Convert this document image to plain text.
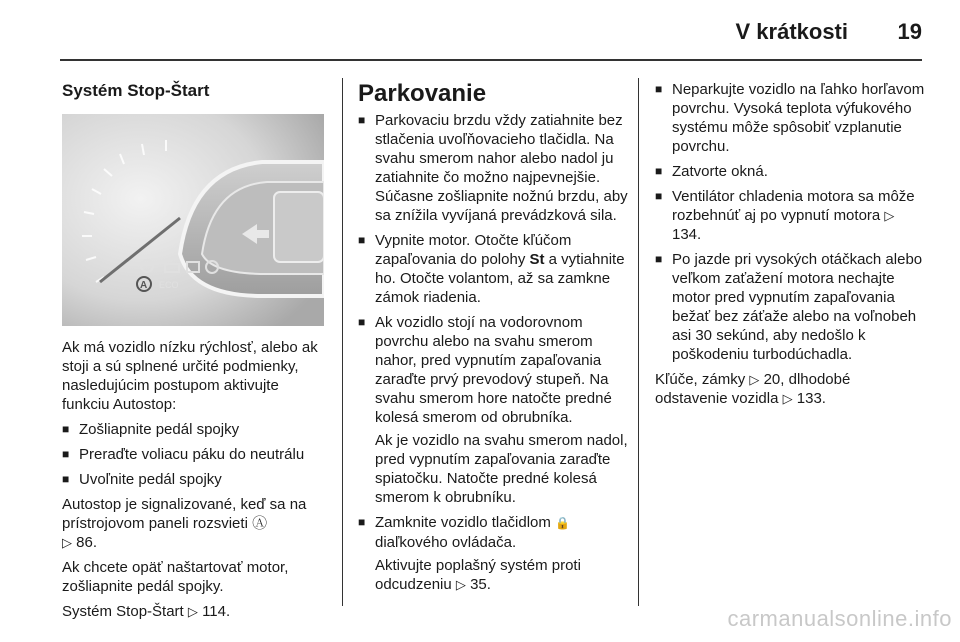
V krátkosti	19
Systém Stop-Štart
A ECO

Ak má vozidlo nízku rýchlosť, alebo ak stoji a sú splnené určité podmienky, nasledujúcim postupom aktivujte funkciu Autostop:

■ Zošliapnite pedál spojky
■ Preraďte voliacu páku do neutrálu
■ Uvoľnite pedál spojky

Autostop je signalizované, keď sa na prístrojovom paneli rozsvieti Ⓐ
▷ 86.

Ak chcete opäť naštartovať motor, zošliapnite pedál spojky.

Systém Stop-Štart ▷ 114.

Parkovanie
■ Parkovaciu brzdu vždy zatiahnite bez stlačenia uvoľňovacieho tlačidla. Na svahu smerom nahor alebo nadol ju zatiahnite čo možno najpevnejšie. Súčasne zošliapnite nožnú brzdu, aby sa znížila vyvíjaná prevádzková sila.
■ Vypnite motor. Otočte kľúčom zapaľovania do polohy St a vytiahnite ho. Otočte volantom, až sa zamkne zámok riadenia.
■ Ak vozidlo stojí na vodorovnom povrchu alebo na svahu smerom nahor, pred vypnutím zapaľovania zaraďte prvý prevodový stupeň. Na svahu smerom hore natočte predné kolesá smerom od obrubníka.

Ak je vozidlo na svahu smerom nadol, pred vypnutím zapaľovania zaraďte spiatočku. Natočte predné kolesá smerom k obrubníku.

■ Zamknite vozidlo tlačidlom 🔒
diaľkového ovládača.

Aktivujte poplašný systém proti odcudzeniu ▷ 35.

■ Neparkujte vozidlo na ľahko horľavom povrchu. Vysoká teplota výfukového systému môže spôsobiť vzplanutie povrchu.
■ Zatvorte okná.
■ Ventilátor chladenia motora sa môže rozbehnúť aj po vypnutí motora ▷ 134.
■ Po jazde pri vysokých otáčkach alebo veľkom zaťažení motora nechajte motor pred vypnutím zapaľovania bežať bez záťaže alebo na voľnobeh asi 30 sekúnd, aby nedošlo k poškodeniu turbodúchadla.

Kľúče, zámky ▷ 20, dlhodobé odstavenie vozidla ▷ 133.

carmanualsonline.info
